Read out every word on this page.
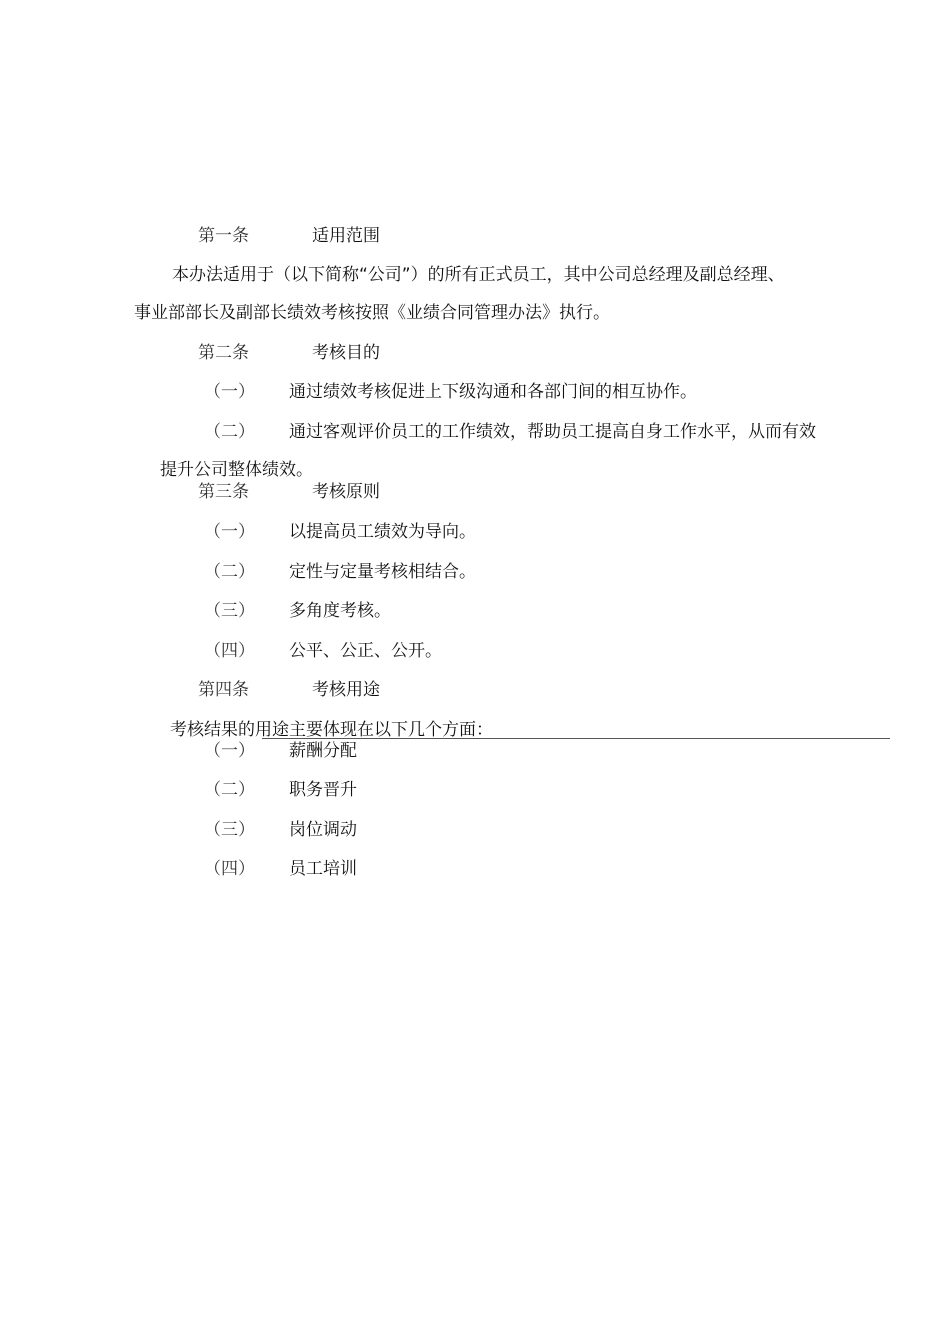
第一条	适用范围
本办法适用于（以下简称“公司”）的所有正式员工，其中公司总经理及副总经理、
事业部部长及副部长绩效考核按照《业绩合同管理办法》执行。
第二条	考核目的
（一） 通过绩效考核促进上下级沟通和各部门间的相互协作。
（二） 通过客观评价员工的工作绩效，帮助员工提高自身工作水平，从而有效
提升公司整体绩效。
第三条	考核原则
（一） 以提高员工绩效为导向。
（二） 定性与定量考核相结合。
（三） 多角度考核。
（四） 公平、公正、公开。
第四条	考核用途
考核结果的用途主要体现在以下几个方面：
（一） 薪酬分配
（二） 职务晋升
（三） 岗位调动
（四） 员工培训
